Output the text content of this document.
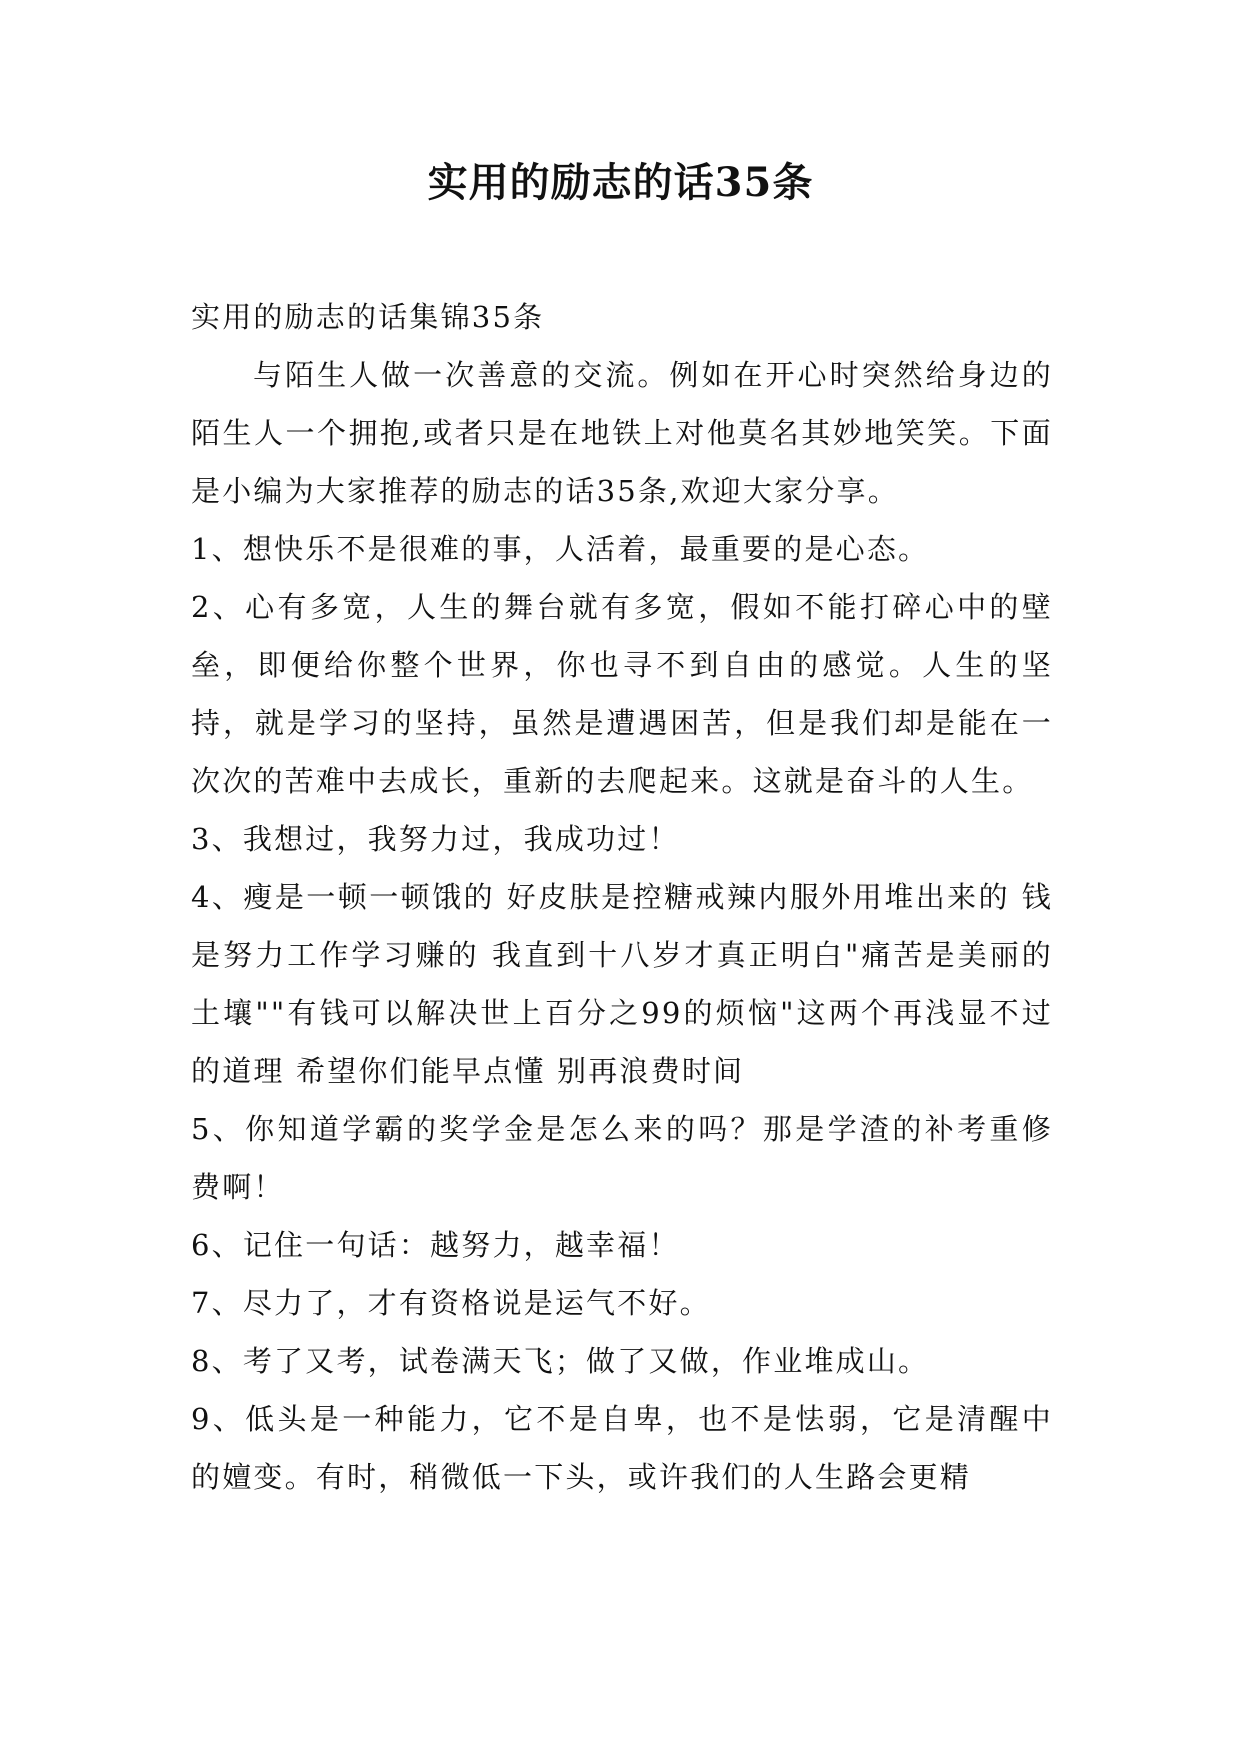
实用的励志的话35条

实用的励志的话集锦35条

与陌生人做一次善意的交流。例如在开心时突然给身边的陌生人一个拥抱,或者只是在地铁上对他莫名其妙地笑笑。下面是小编为大家推荐的励志的话35条,欢迎大家分享。

1、想快乐不是很难的事，人活着，最重要的是心态。

2、心有多宽，人生的舞台就有多宽，假如不能打碎心中的壁垒，即便给你整个世界，你也寻不到自由的感觉。人生的坚持，就是学习的坚持，虽然是遭遇困苦，但是我们却是能在一次次的苦难中去成长，重新的去爬起来。这就是奋斗的人生。

3、我想过，我努力过，我成功过！

4、瘦是一顿一顿饿的 好皮肤是控糖戒辣内服外用堆出来的 钱是努力工作学习赚的 我直到十八岁才真正明白"痛苦是美丽的土壤""有钱可以解决世上百分之99的烦恼"这两个再浅显不过的道理 希望你们能早点懂 别再浪费时间

5、你知道学霸的奖学金是怎么来的吗？那是学渣的补考重修费啊！

6、记住一句话：越努力，越幸福！

7、尽力了，才有资格说是运气不好。

8、考了又考，试卷满天飞；做了又做，作业堆成山。

9、低头是一种能力，它不是自卑，也不是怯弱，它是清醒中的嬗变。有时，稍微低一下头，或许我们的人生路会更精
